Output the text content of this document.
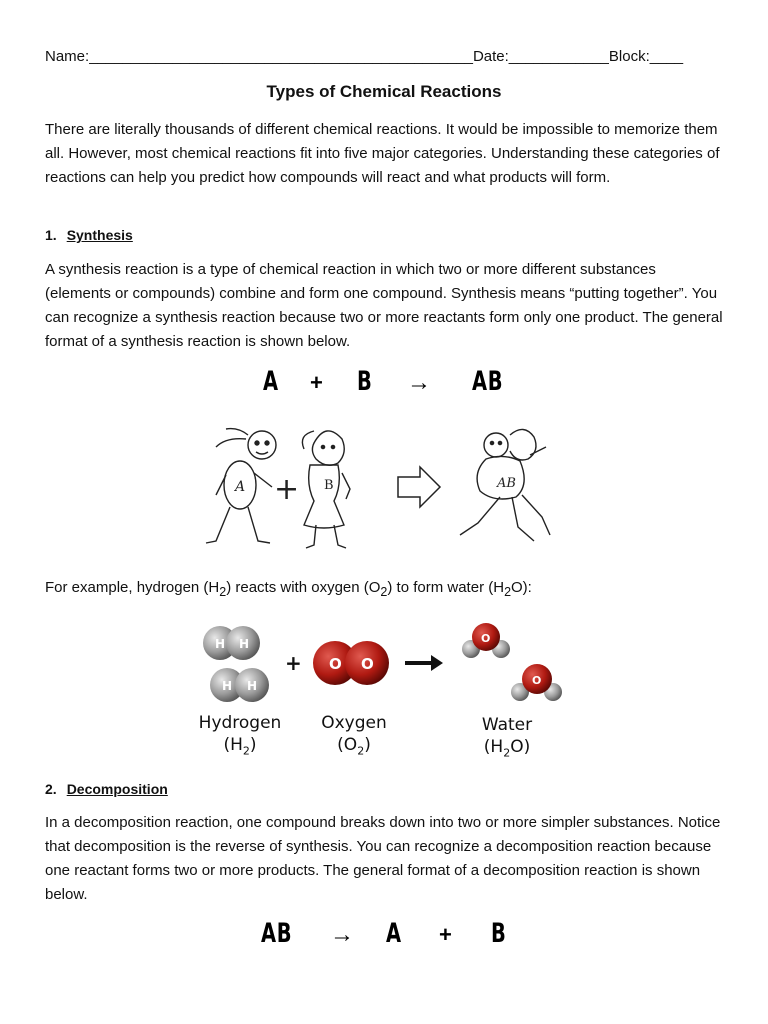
Name:______________________________________________Date:____________Block:____
Types of Chemical Reactions

There are literally thousands of different chemical reactions. It would be impossible to memorize them all. However, most chemical reactions fit into five major categories. Understanding these categories of reactions can help you predict how compounds will react and what products will form.

1. Synthesis

A synthesis reaction is a type of chemical reaction in which two or more different substances (elements or compounds) combine and form one compound. Synthesis means “putting together”. You can recognize a synthesis reaction because two or more reactants form only one product. The general format of a synthesis reaction is shown below.

A + B → AB
A + B	AB

For example, hydrogen $(H_2)$ reacts with oxygen $(O_2)$ to form water $(H_2O)$:

H H
H H
+ O O
O
O
Hydrogen
$(H_2)$
Oxygen
$(O_2)$
Water
$(H_2O)$
2. Decomposition

In a decomposition reaction, one compound breaks down into two or more simpler substances. Notice that decomposition is the reverse of synthesis. You can recognize a decomposition reaction because one reactant forms two or more products. The general format of a decomposition reaction is shown below.

AB → A + B
